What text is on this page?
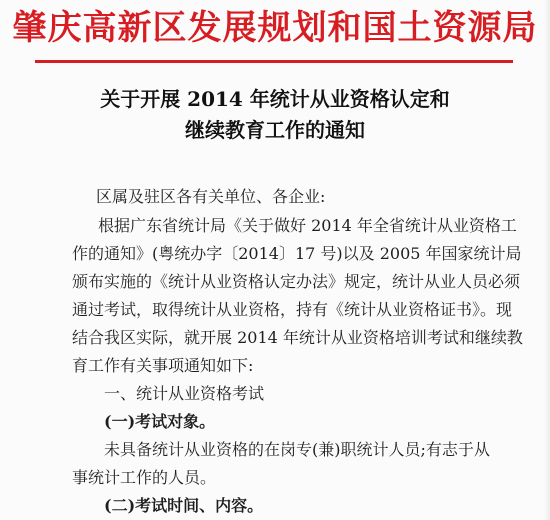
肇庆高新区发展规划和国土资源局
关于开展 2014 年统计从业资格认定和
继续教育工作的通知
区属及驻区各有关单位、各企业:
根据广东省统计局《关于做好 2014 年全省统计从业资格工
作的通知》(粤统办字〔2014〕17 号)以及 2005 年国家统计局
颁布实施的《统计从业资格认定办法》规定，统计从业人员必须
通过考试，取得统计从业资格，持有《统计从业资格证书》。现
结合我区实际，就开展 2014 年统计从业资格培训考试和继续教
育工作有关事项通知如下:
一、统计从业资格考试
(一)考试对象。
未具备统计从业资格的在岗专(兼)职统计人员;有志于从
事统计工作的人员。
(二)考试时间、内容。
